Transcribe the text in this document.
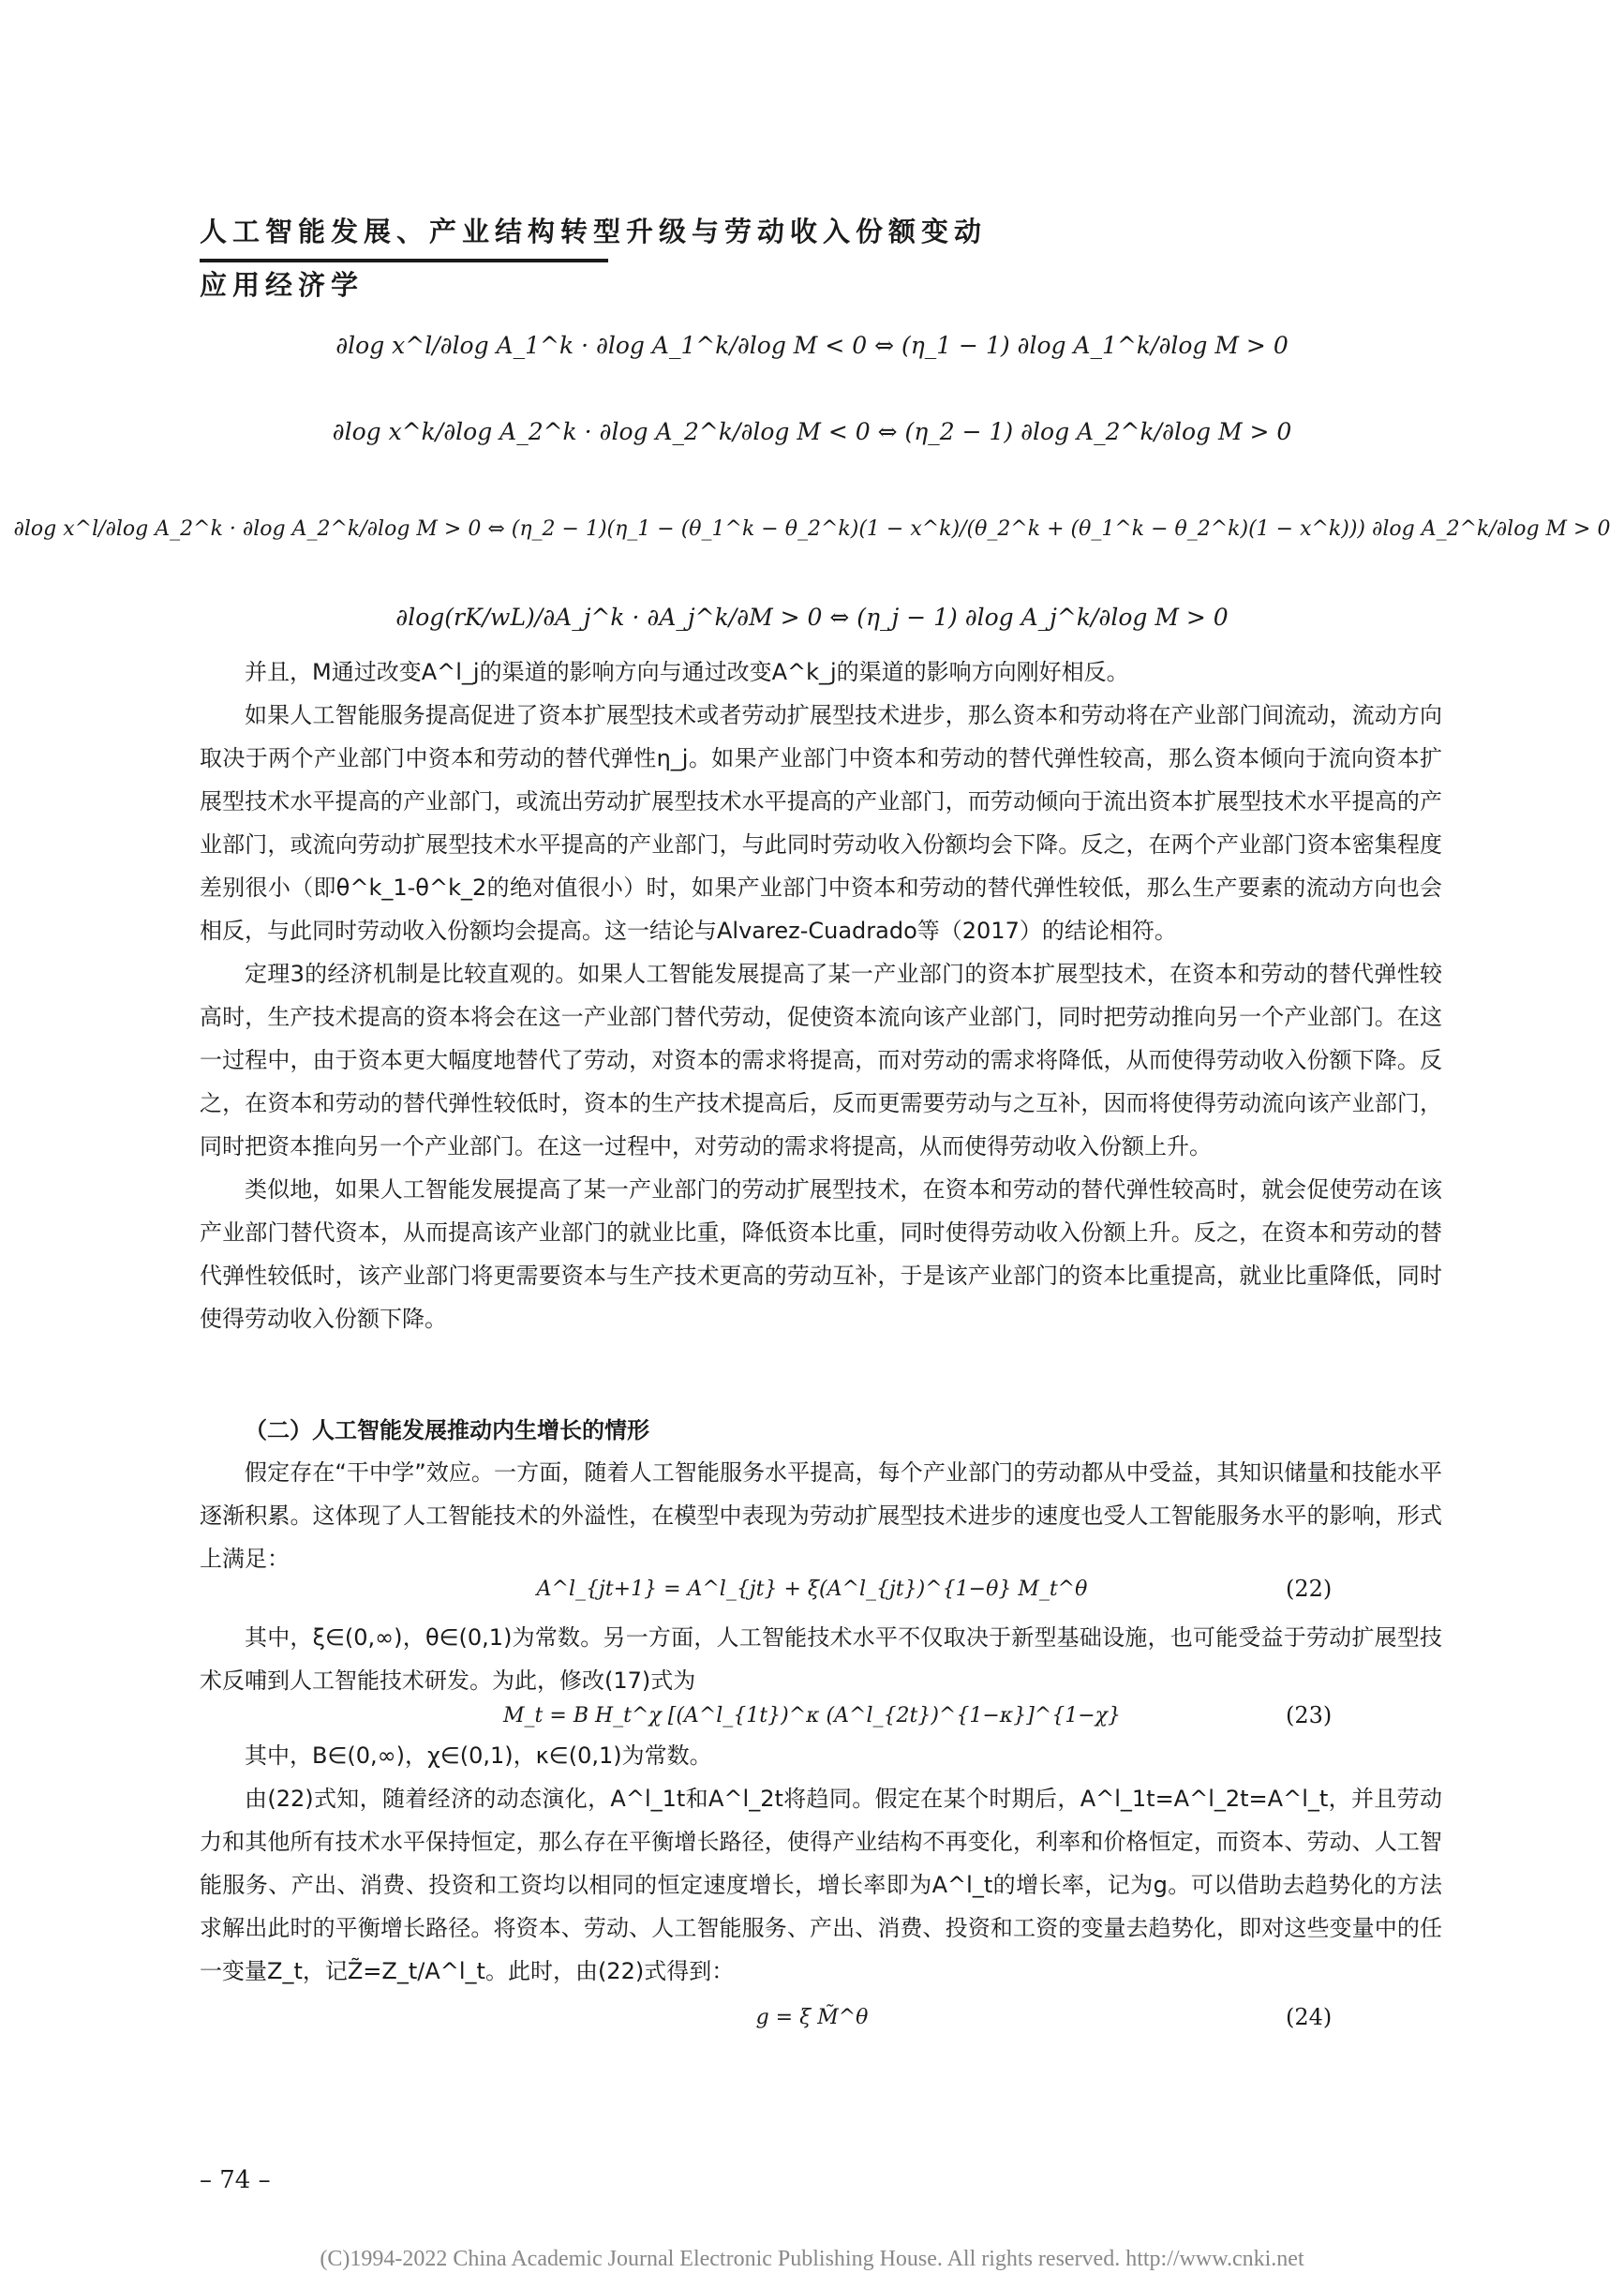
人工智能发展、产业结构转型升级与劳动收入份额变动
应用经济学
∂log x^l/∂log A_1^k · ∂log A_1^k/∂log M < 0 ⇔ (η_1 − 1) ∂log A_1^k/∂log M > 0
∂log x^k/∂log A_2^k · ∂log A_2^k/∂log M < 0 ⇔ (η_2 − 1) ∂log A_2^k/∂log M > 0
∂log x^l/∂log A_2^k · ∂log A_2^k/∂log M > 0 ⇔ (η_2 − 1)(η_1 − (θ_1^k − θ_2^k)(1 − x^k)/(θ_2^k + (θ_1^k − θ_2^k)(1 − x^k))) ∂log A_2^k/∂log M > 0
∂log(rK/wL)/∂A_j^k · ∂A_j^k/∂M > 0 ⇔ (η_j − 1) ∂log A_j^k/∂log M > 0

并且，M通过改变A^l_j的渠道的影响方向与通过改变A^k_j的渠道的影响方向刚好相反。

如果人工智能服务提高促进了资本扩展型技术或者劳动扩展型技术进步，那么资本和劳动将在产业部门间流动，流动方向取决于两个产业部门中资本和劳动的替代弹性η_j。如果产业部门中资本和劳动的替代弹性较高，那么资本倾向于流向资本扩展型技术水平提高的产业部门，或流出劳动扩展型技术水平提高的产业部门，而劳动倾向于流出资本扩展型技术水平提高的产业部门，或流向劳动扩展型技术水平提高的产业部门，与此同时劳动收入份额均会下降。反之，在两个产业部门资本密集程度差别很小（即θ^k_1-θ^k_2的绝对值很小）时，如果产业部门中资本和劳动的替代弹性较低，那么生产要素的流动方向也会相反，与此同时劳动收入份额均会提高。这一结论与Alvarez-Cuadrado等（2017）的结论相符。

定理3的经济机制是比较直观的。如果人工智能发展提高了某一产业部门的资本扩展型技术，在资本和劳动的替代弹性较高时，生产技术提高的资本将会在这一产业部门替代劳动，促使资本流向该产业部门，同时把劳动推向另一个产业部门。在这一过程中，由于资本更大幅度地替代了劳动，对资本的需求将提高，而对劳动的需求将降低，从而使得劳动收入份额下降。反之，在资本和劳动的替代弹性较低时，资本的生产技术提高后，反而更需要劳动与之互补，因而将使得劳动流向该产业部门，同时把资本推向另一个产业部门。在这一过程中，对劳动的需求将提高，从而使得劳动收入份额上升。

类似地，如果人工智能发展提高了某一产业部门的劳动扩展型技术，在资本和劳动的替代弹性较高时，就会促使劳动在该产业部门替代资本，从而提高该产业部门的就业比重，降低资本比重，同时使得劳动收入份额上升。反之，在资本和劳动的替代弹性较低时，该产业部门将更需要资本与生产技术更高的劳动互补，于是该产业部门的资本比重提高，就业比重降低，同时使得劳动收入份额下降。

（二）人工智能发展推动内生增长的情形

假定存在“干中学”效应。一方面，随着人工智能服务水平提高，每个产业部门的劳动都从中受益，其知识储量和技能水平逐渐积累。这体现了人工智能技术的外溢性，在模型中表现为劳动扩展型技术进步的速度也受人工智能服务水平的影响，形式上满足：

A^l_{jt+1} = A^l_{jt} + ξ(A^l_{jt})^{1−θ} M_t^θ	(22)

其中，ξ∈(0,∞)，θ∈(0,1)为常数。另一方面，人工智能技术水平不仅取决于新型基础设施，也可能受益于劳动扩展型技术反哺到人工智能技术研发。为此，修改(17)式为

M_t = B H_t^χ [(A^l_{1t})^κ (A^l_{2t})^{1−κ}]^{1−χ}	(23)

其中，B∈(0,∞)，χ∈(0,1)，κ∈(0,1)为常数。

由(22)式知，随着经济的动态演化，A^l_1t和A^l_2t将趋同。假定在某个时期后，A^l_1t=A^l_2t=A^l_t，并且劳动力和其他所有技术水平保持恒定，那么存在平衡增长路径，使得产业结构不再变化，利率和价格恒定，而资本、劳动、人工智能服务、产出、消费、投资和工资均以相同的恒定速度增长，增长率即为A^l_t的增长率，记为g。可以借助去趋势化的方法求解出此时的平衡增长路径。将资本、劳动、人工智能服务、产出、消费、投资和工资的变量去趋势化，即对这些变量中的任一变量Z_t，记Z̃=Z_t/A^l_t。此时，由(22)式得到：

g = ξ M̃^θ	(24)
– 74 –
(C)1994-2022 China Academic Journal Electronic Publishing House. All rights reserved. http://www.cnki.net
